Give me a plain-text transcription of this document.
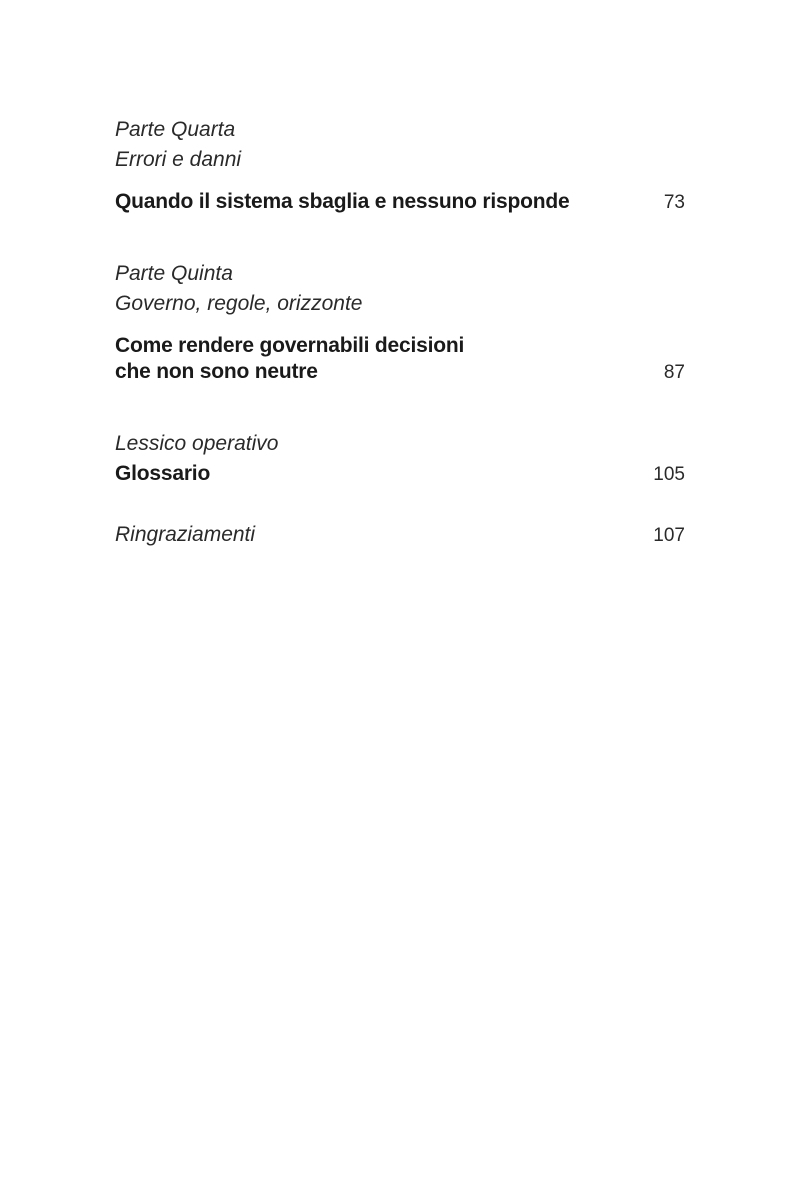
Parte Quarta
Errori e danni
Quando il sistema sbaglia e nessuno risponde	73
Parte Quinta
Governo, regole, orizzonte
Come rendere governabili decisioni
che non sono neutre	87
Lessico operativo
Glossario	105
Ringraziamenti	107
